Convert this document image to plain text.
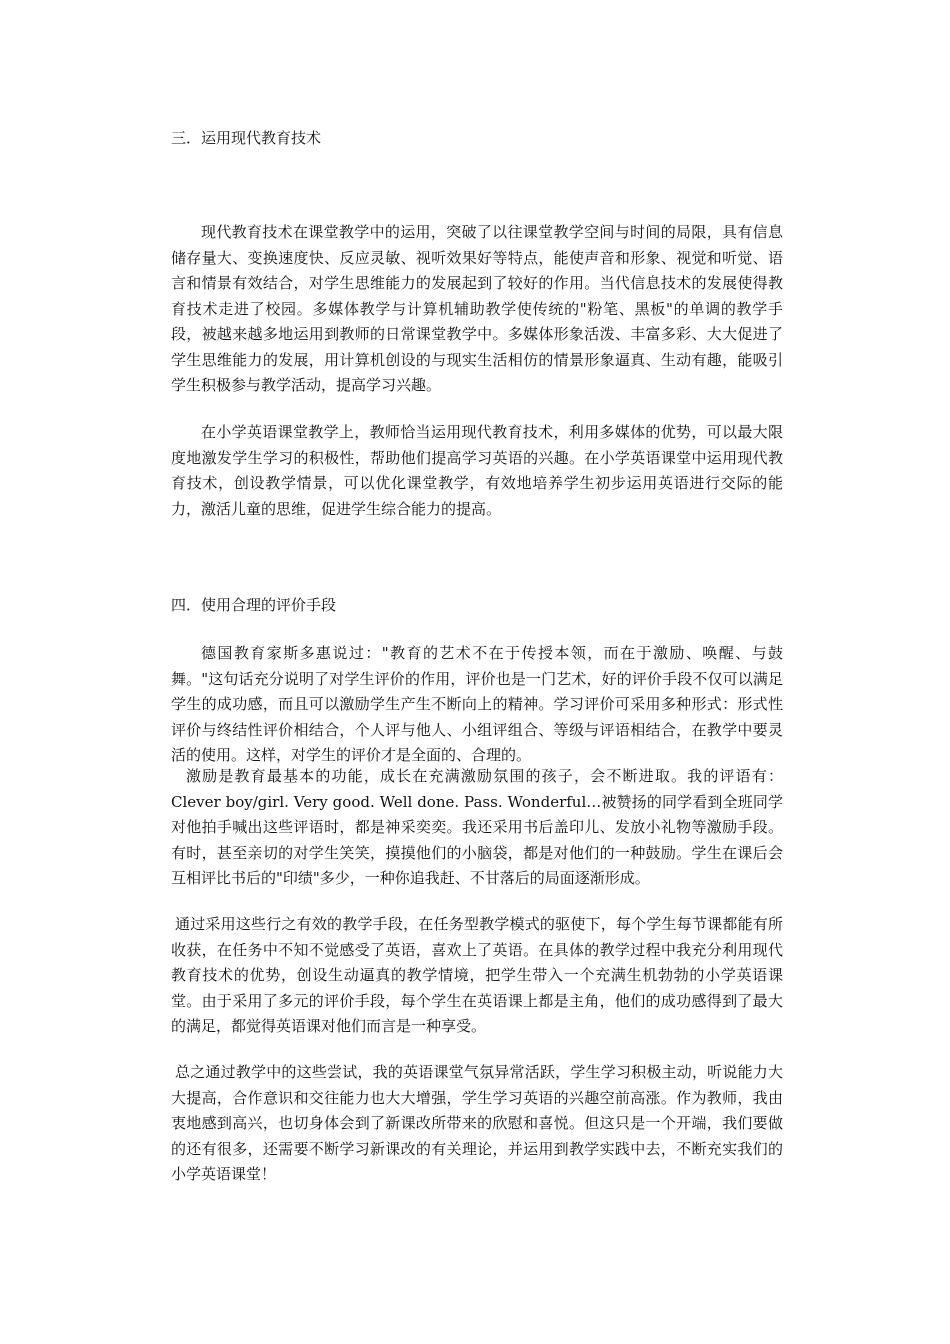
三．运用现代教育技术

现代教育技术在课堂教学中的运用，突破了以往课堂教学空间与时间的局限，具有信息储存量大、变换速度快、反应灵敏、视听效果好等特点，能使声音和形象、视觉和听觉、语言和情景有效结合，对学生思维能力的发展起到了较好的作用。当代信息技术的发展使得教育技术走进了校园。多媒体教学与计算机辅助教学使传统的"粉笔、黑板"的单调的教学手段，被越来越多地运用到教师的日常课堂教学中。多媒体形象活泼、丰富多彩、大大促进了学生思维能力的发展，用计算机创设的与现实生活相仿的情景形象逼真、生动有趣，能吸引学生积极参与教学活动，提高学习兴趣。

在小学英语课堂教学上，教师恰当运用现代教育技术，利用多媒体的优势，可以最大限度地激发学生学习的积极性，帮助他们提高学习英语的兴趣。在小学英语课堂中运用现代教育技术，创设教学情景，可以优化课堂教学，有效地培养学生初步运用英语进行交际的能力，激活儿童的思维，促进学生综合能力的提高。

四．使用合理的评价手段

德国教育家斯多惠说过："教育的艺术不在于传授本领，而在于激励、唤醒、与鼓舞。"这句话充分说明了对学生评价的作用，评价也是一门艺术，好的评价手段不仅可以满足学生的成功感，而且可以激励学生产生不断向上的精神。学习评价可采用多种形式：形式性评价与终结性评价相结合，个人评与他人、小组评组合、等级与评语相结合，在教学中要灵活的使用。这样，对学生的评价才是全面的、合理的。

激励是教育最基本的功能，成长在充满激励氛围的孩子，会不断进取。我的评语有：Clever boy/girl. Very good. Well done. Pass. Wonderful…被赞扬的同学看到全班同学对他拍手喊出这些评语时，都是神采奕奕。我还采用书后盖印儿、发放小礼物等激励手段。有时，甚至亲切的对学生笑笑，摸摸他们的小脑袋，都是对他们的一种鼓励。学生在课后会互相评比书后的"印绩"多少，一种你追我赶、不甘落后的局面逐渐形成。

通过采用这些行之有效的教学手段，在任务型教学模式的驱使下，每个学生每节课都能有所收获，在任务中不知不觉感受了英语，喜欢上了英语。在具体的教学过程中我充分利用现代教育技术的优势，创设生动逼真的教学情境，把学生带入一个充满生机勃勃的小学英语课堂。由于采用了多元的评价手段，每个学生在英语课上都是主角，他们的成功感得到了最大的满足，都觉得英语课对他们而言是一种享受。

总之通过教学中的这些尝试，我的英语课堂气氛异常活跃，学生学习积极主动，听说能力大大提高，合作意识和交往能力也大大增强，学生学习英语的兴趣空前高涨。作为教师，我由衷地感到高兴，也切身体会到了新课改所带来的欣慰和喜悦。但这只是一个开端，我们要做的还有很多，还需要不断学习新课改的有关理论，并运用到教学实践中去，不断充实我们的小学英语课堂！
